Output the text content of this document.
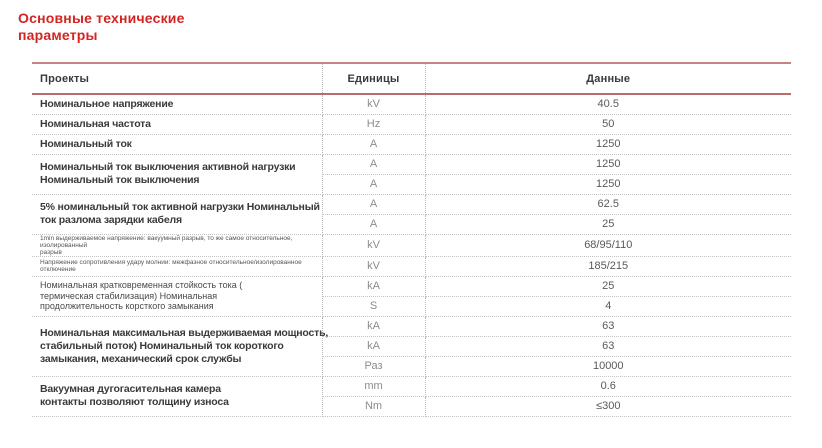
Основные технические параметры
Проекты	Единицы	Данные

Номинальное напряжение	kV	40.5

Номинальная частота	Hz	50

Номинальный ток	A	1250

Номинальный ток выключения активной нагрузки
Номинальный ток выключения	A	1250
	A	1250

5% номинальный ток активной нагрузки Номинальный
ток разлома зарядки кабеля	A	62.5
	A	25

1min выдерживаемое напряжение: вакуумный разрыв, то же самое относительное, изолированный
разрыв	kV	68/95/110

Напряжение сопротивления удару молнии: межфазное относительное/изолированное
отключение	kV	185/215

Номинальная кратковременная стойкость тока (
термическая стабилизация) Номинальная
продолжительность корсткого замыкания	kA	25
	S	4

Номинальная максимальная выдерживаемая мощность,
стабильный поток) Номинальный ток короткого
замыкания, механический срок службы	kA	63
	kA	63
	Раз	10000

Вакуумная дугогасительная камера
контакты позволяют толщину износа	mm	0.6
	Nm	≤300
